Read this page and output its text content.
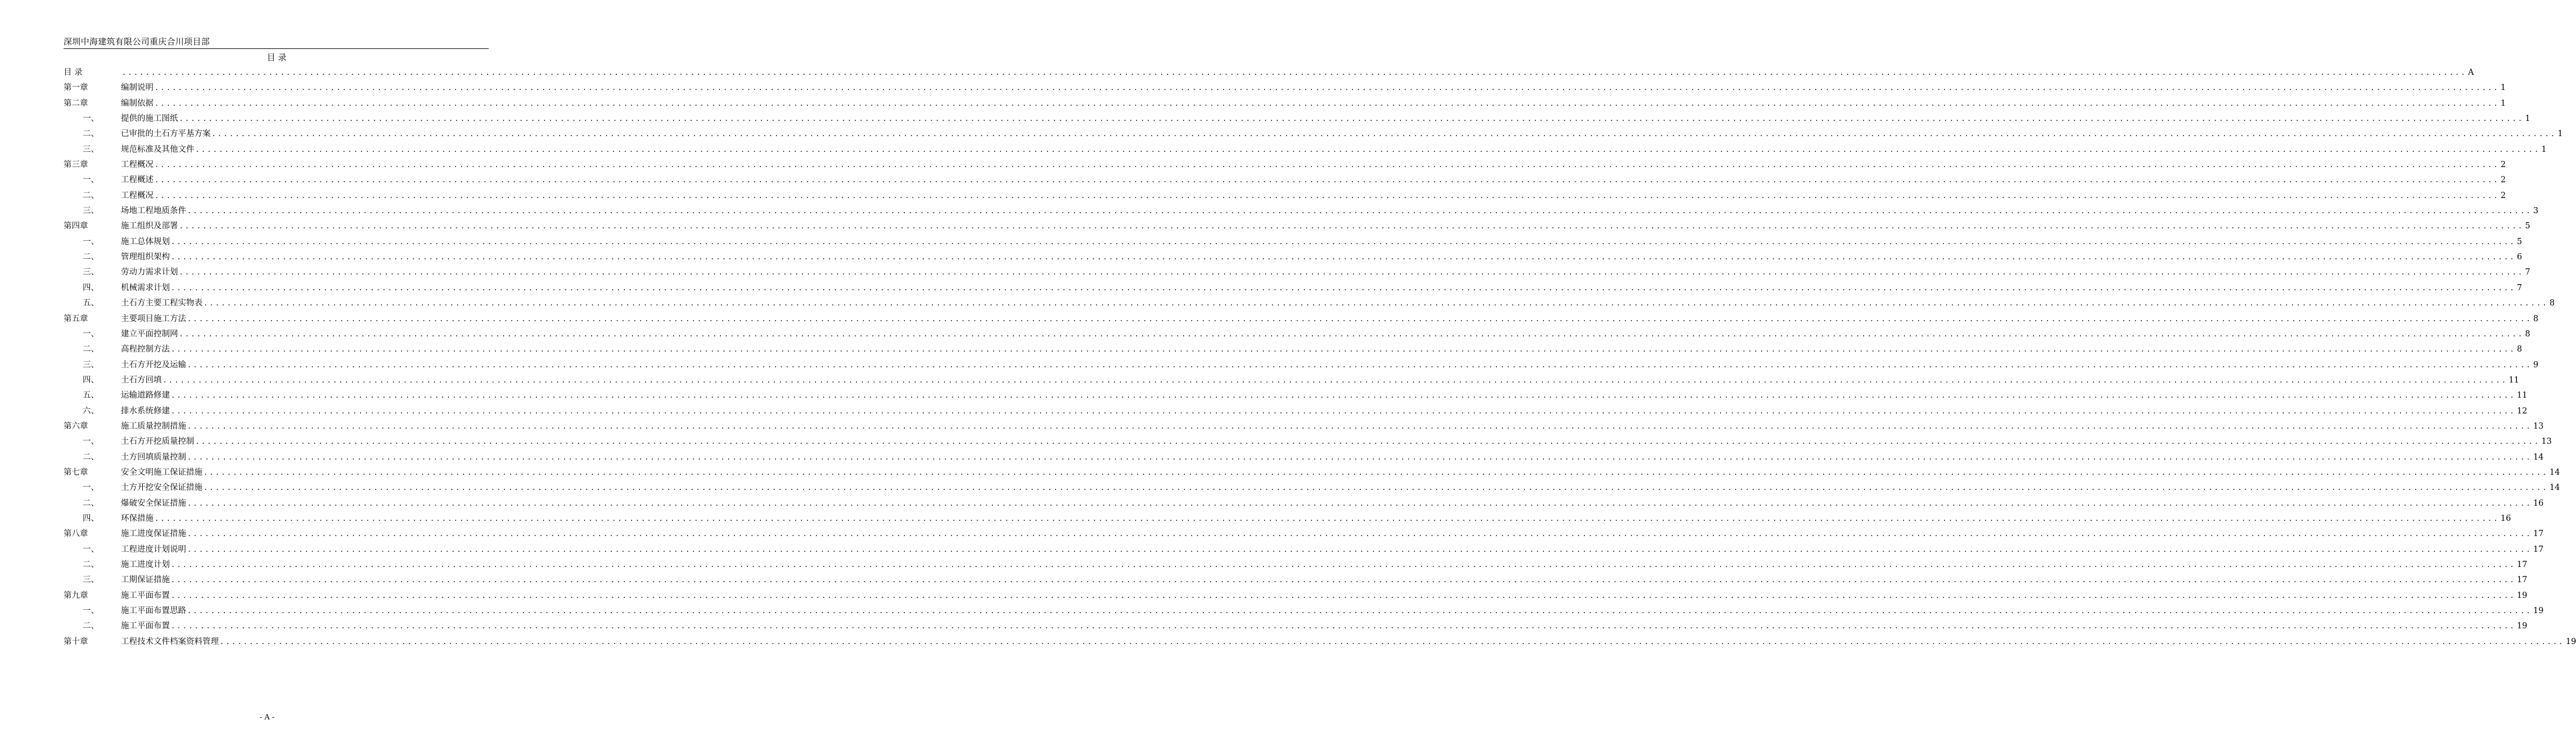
深圳中海建筑有限公司重庆合川项目部
目 录
目 录	................................................................................................................................................................................................................................................................................................................................................................................................................ A
第一章	编制说明 ................................................................................................................................................................................................................................................................................................................................................................................................................ 1
第二章	编制依据 ................................................................................................................................................................................................................................................................................................................................................................................................................ 1
一、	提供的施工图纸 ................................................................................................................................................................................................................................................................................................................................................................................................................ 1
二、	已审批的土石方平基方案 ................................................................................................................................................................................................................................................................................................................................................................................................................ 1
三、	规范标准及其他文件 ................................................................................................................................................................................................................................................................................................................................................................................................................ 1
第三章	工程概况 ................................................................................................................................................................................................................................................................................................................................................................................................................ 2
一、	工程概述 ................................................................................................................................................................................................................................................................................................................................................................................................................ 2
二、	工程概况 ................................................................................................................................................................................................................................................................................................................................................................................................................ 2
三、	场地工程地质条件 ................................................................................................................................................................................................................................................................................................................................................................................................................ 3
第四章	施工组织及部署 ................................................................................................................................................................................................................................................................................................................................................................................................................ 5
一、	施工总体规划 ................................................................................................................................................................................................................................................................................................................................................................................................................ 5
二、	管理组织架构 ................................................................................................................................................................................................................................................................................................................................................................................................................ 6
三、	劳动力需求计划 ................................................................................................................................................................................................................................................................................................................................................................................................................ 7
四、	机械需求计划 ................................................................................................................................................................................................................................................................................................................................................................................................................ 7
五、	土石方主要工程实物表 ................................................................................................................................................................................................................................................................................................................................................................................................................ 8
第五章	主要项目施工方法 ................................................................................................................................................................................................................................................................................................................................................................................................................ 8
一、	建立平面控制网 ................................................................................................................................................................................................................................................................................................................................................................................................................ 8
二、	高程控制方法 ................................................................................................................................................................................................................................................................................................................................................................................................................ 8
三、	土石方开挖及运输 ................................................................................................................................................................................................................................................................................................................................................................................................................ 9
四、	土石方回填 ................................................................................................................................................................................................................................................................................................................................................................................................................ 11
五、	运输道路修建 ................................................................................................................................................................................................................................................................................................................................................................................................................ 11
六、	排水系统修建 ................................................................................................................................................................................................................................................................................................................................................................................................................ 12
第六章	施工质量控制措施 ................................................................................................................................................................................................................................................................................................................................................................................................................ 13
一、	土石方开挖质量控制 ................................................................................................................................................................................................................................................................................................................................................................................................................ 13
二、	土方回填质量控制 ................................................................................................................................................................................................................................................................................................................................................................................................................ 14
第七章	安全文明施工保证措施 ................................................................................................................................................................................................................................................................................................................................................................................................................ 14
一、	土方开挖安全保证措施 ................................................................................................................................................................................................................................................................................................................................................................................................................ 14
二、	爆破安全保证措施 ................................................................................................................................................................................................................................................................................................................................................................................................................ 16
四、	环保措施 ................................................................................................................................................................................................................................................................................................................................................................................................................ 16
第八章	施工进度保证措施 ................................................................................................................................................................................................................................................................................................................................................................................................................ 17
一、	工程进度计划说明 ................................................................................................................................................................................................................................................................................................................................................................................................................ 17
二、	施工进度计划 ................................................................................................................................................................................................................................................................................................................................................................................................................ 17
三、	工期保证措施 ................................................................................................................................................................................................................................................................................................................................................................................................................ 17
第九章	施工平面布置 ................................................................................................................................................................................................................................................................................................................................................................................................................ 19
一、	施工平面布置思路 ................................................................................................................................................................................................................................................................................................................................................................................................................ 19
二、	施工平面布置 ................................................................................................................................................................................................................................................................................................................................................................................................................ 19
第十章	工程技术文件档案资料管理 ................................................................................................................................................................................................................................................................................................................................................................................................................ 19
- A -
